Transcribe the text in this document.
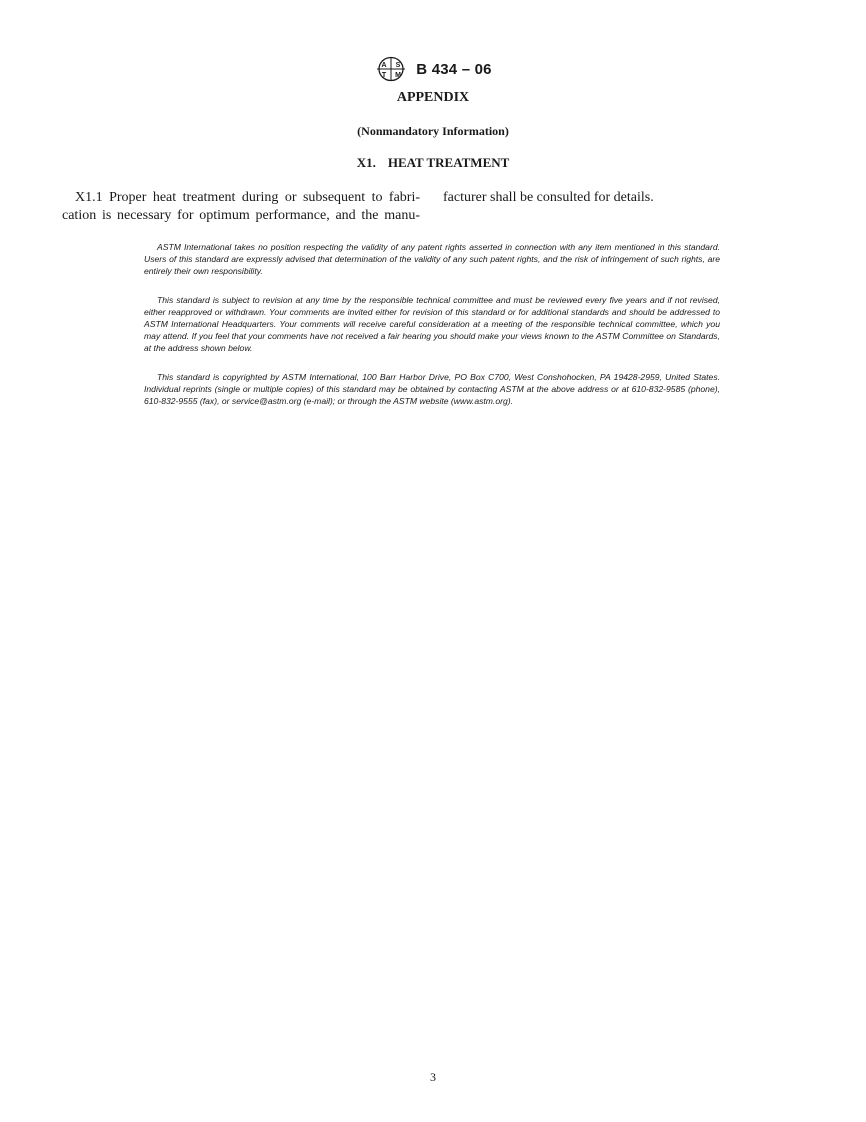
A S
T M B 434 – 06
APPENDIX
(Nonmandatory Information)
X1. HEAT TREATMENT
X1.1 Proper heat treatment during or subsequent to fabri-
cation is necessary for optimum performance, and the manu-
facturer shall be consulted for details.

ASTM International takes no position respecting the validity of any patent rights asserted in connection with any item mentioned in this standard. Users of this standard are expressly advised that determination of the validity of any such patent rights, and the risk of infringement of such rights, are entirely their own responsibility.

This standard is subject to revision at any time by the responsible technical committee and must be reviewed every five years and if not revised, either reapproved or withdrawn. Your comments are invited either for revision of this standard or for additional standards and should be addressed to ASTM International Headquarters. Your comments will receive careful consideration at a meeting of the responsible technical committee, which you may attend. If you feel that your comments have not received a fair hearing you should make your views known to the ASTM Committee on Standards, at the address shown below.

This standard is copyrighted by ASTM International, 100 Barr Harbor Drive, PO Box C700, West Conshohocken, PA 19428-2959, United States. Individual reprints (single or multiple copies) of this standard may be obtained by contacting ASTM at the above address or at 610-832-9585 (phone), 610-832-9555 (fax), or service@astm.org (e-mail); or through the ASTM website (www.astm.org).

3
